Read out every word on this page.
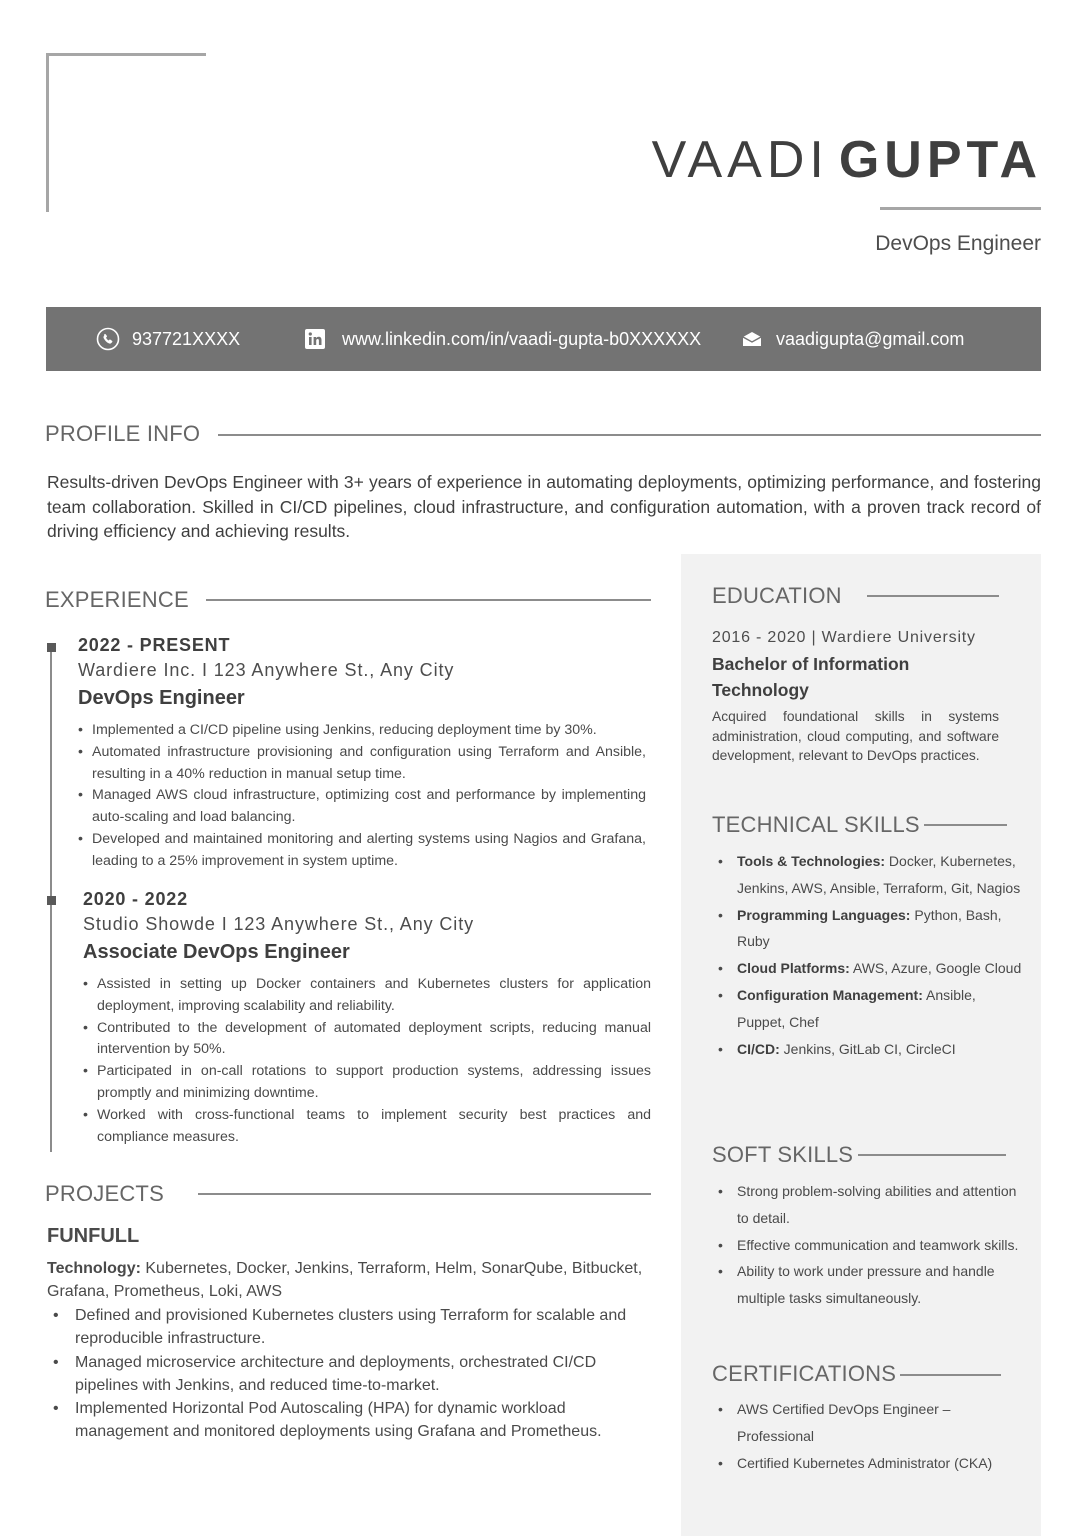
VAADI GUPTA
DevOps Engineer
937721XXXX	www.linkedin.com/in/vaadi-gupta-b0XXXXXX	vaadigupta@gmail.com
PROFILE INFO
Results-driven DevOps Engineer with 3+ years of experience in automating deployments, optimizing performance, and fostering team collaboration. Skilled in CI/CD pipelines, cloud infrastructure, and configuration automation, with a proven track record of driving efficiency and achieving results.
EXPERIENCE
2022 - PRESENT
Wardiere Inc. I 123 Anywhere St., Any City
DevOps Engineer
• Implemented a CI/CD pipeline using Jenkins, reducing deployment time by 30%.
• Automated infrastructure provisioning and configuration using Terraform and Ansible, resulting in a 40% reduction in manual setup time.
• Managed AWS cloud infrastructure, optimizing cost and performance by implementing auto-scaling and load balancing.
• Developed and maintained monitoring and alerting systems using Nagios and Grafana, leading to a 25% improvement in system uptime.
2020 - 2022
Studio Showde I 123 Anywhere St., Any City
Associate DevOps Engineer
• Assisted in setting up Docker containers and Kubernetes clusters for application deployment, improving scalability and reliability.
• Contributed to the development of automated deployment scripts, reducing manual intervention by 50%.
• Participated in on-call rotations to support production systems, addressing issues promptly and minimizing downtime.
• Worked with cross-functional teams to implement security best practices and compliance measures.
PROJECTS
FUNFULL
Technology: Kubernetes, Docker, Jenkins, Terraform, Helm, SonarQube, Bitbucket, Grafana, Prometheus, Loki, AWS
• Defined and provisioned Kubernetes clusters using Terraform for scalable and reproducible infrastructure.
• Managed microservice architecture and deployments, orchestrated CI/CD pipelines with Jenkins, and reduced time-to-market.
• Implemented Horizontal Pod Autoscaling (HPA) for dynamic workload management and monitored deployments using Grafana and Prometheus.
EDUCATION
2016 - 2020 | Wardiere University
Bachelor of Information Technology
Acquired foundational skills in systems administration, cloud computing, and software development, relevant to DevOps practices.
TECHNICAL SKILLS
• Tools & Technologies: Docker, Kubernetes, Jenkins, AWS, Ansible, Terraform, Git, Nagios
• Programming Languages: Python, Bash, Ruby
• Cloud Platforms: AWS, Azure, Google Cloud
• Configuration Management: Ansible, Puppet, Chef
• CI/CD: Jenkins, GitLab CI, CircleCI
SOFT SKILLS
• Strong problem-solving abilities and attention to detail.
• Effective communication and teamwork skills.
• Ability to work under pressure and handle multiple tasks simultaneously.
CERTIFICATIONS
• AWS Certified DevOps Engineer – Professional
• Certified Kubernetes Administrator (CKA)
